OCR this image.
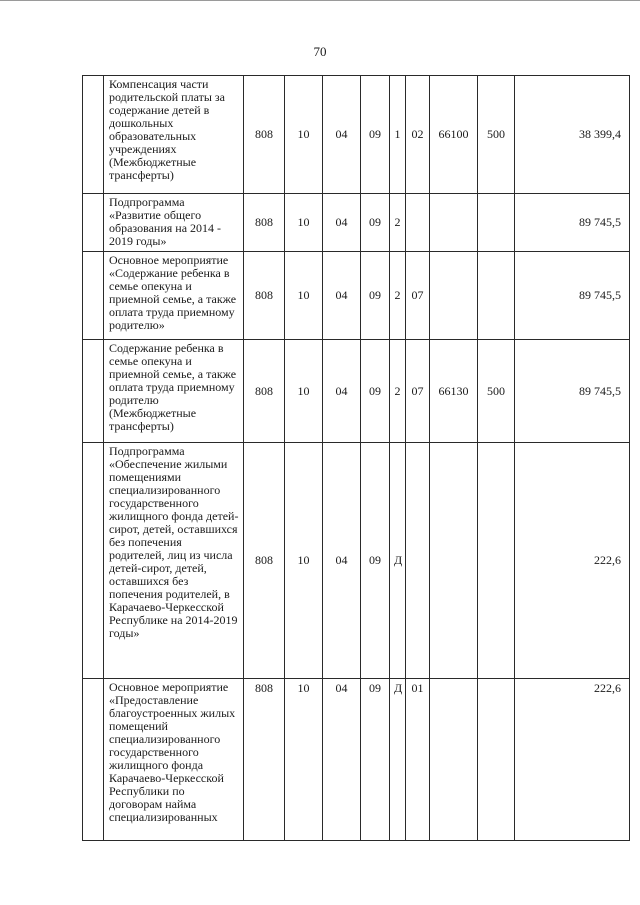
70
	Компенсация части родительской платы за содержание детей в дошкольных образовательных учреждениях (Межбюджетные трансферты)	808	10	04	09	1	02	66100	500	38 399,4
	Подпрограмма «Развитие общего образования на 2014 - 2019 годы»	808	10	04	09	2				89 745,5
	Основное мероприятие «Содержание ребенка в семье опекуна и приемной семье, а также оплата труда приемному родителю»	808	10	04	09	2	07			89 745,5
	Содержание ребенка в семье опекуна и приемной семье, а также оплата труда приемному родителю (Межбюджетные трансферты)	808	10	04	09	2	07	66130	500	89 745,5
	Подпрограмма «Обеспечение жилыми помещениями специализированного государственного жилищного фонда детей-сирот, детей, оставшихся без попечения родителей, лиц из числа детей-сирот, детей, оставшихся без попечения родителей, в Карачаево-Черкесской Республике на 2014-2019 годы»	808	10	04	09	Д				222,6
	Основное мероприятие «Предоставление благоустроенных жилых помещений специализированного государственного жилищного фонда Карачаево-Черкесской Республики по договорам найма специализированных	808	10	04	09	Д	01			222,6
